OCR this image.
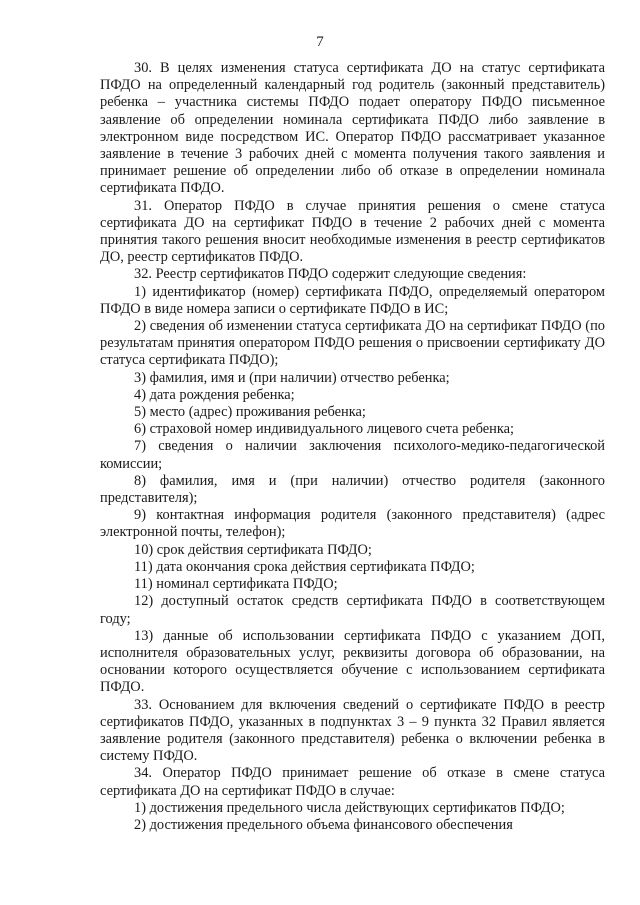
7

30. В целях изменения статуса сертификата ДО на статус сертификата ПФДО на определенный календарный год родитель (законный представитель) ребенка – участника системы ПФДО подает оператору ПФДО письменное заявление об определении номинала сертификата ПФДО либо заявление в электронном виде посредством ИС. Оператор ПФДО рассматривает указанное заявление в течение 3 рабочих дней с момента получения такого заявления и принимает решение об определении либо об отказе в определении номинала сертификата ПФДО.

31. Оператор ПФДО в случае принятия решения о смене статуса сертификата ДО на сертификат ПФДО в течение 2 рабочих дней с момента принятия такого решения вносит необходимые изменения в реестр сертификатов ДО, реестр сертификатов ПФДО.

32. Реестр сертификатов ПФДО содержит следующие сведения:

1) идентификатор (номер) сертификата ПФДО, определяемый оператором ПФДО в виде номера записи о сертификате ПФДО в ИС;

2) сведения об изменении статуса сертификата ДО на сертификат ПФДО (по результатам принятия оператором ПФДО решения о присвоении сертификату ДО статуса сертификата ПФДО);

3) фамилия, имя и (при наличии) отчество ребенка;

4) дата рождения ребенка;

5) место (адрес) проживания ребенка;

6) страховой номер индивидуального лицевого счета ребенка;

7) сведения о наличии заключения психолого-медико-педагогической комиссии;

8) фамилия, имя и (при наличии) отчество родителя (законного представителя);

9) контактная информация родителя (законного представителя) (адрес электронной почты, телефон);

10) срок действия сертификата ПФДО;

11) дата окончания срока действия сертификата ПФДО;

11) номинал сертификата ПФДО;

12) доступный остаток средств сертификата ПФДО в соответствующем году;

13) данные об использовании сертификата ПФДО с указанием ДОП, исполнителя образовательных услуг, реквизиты договора об образовании, на основании которого осуществляется обучение с использованием сертификата ПФДО.

33. Основанием для включения сведений о сертификате ПФДО в реестр сертификатов ПФДО, указанных в подпунктах 3 – 9 пункта 32 Правил является заявление родителя (законного представителя) ребенка о включении ребенка в систему ПФДО.

34. Оператор ПФДО принимает решение об отказе в смене статуса сертификата ДО на сертификат ПФДО в случае:

1) достижения предельного числа действующих сертификатов ПФДО;

2) достижения предельного объема финансового обеспечения
